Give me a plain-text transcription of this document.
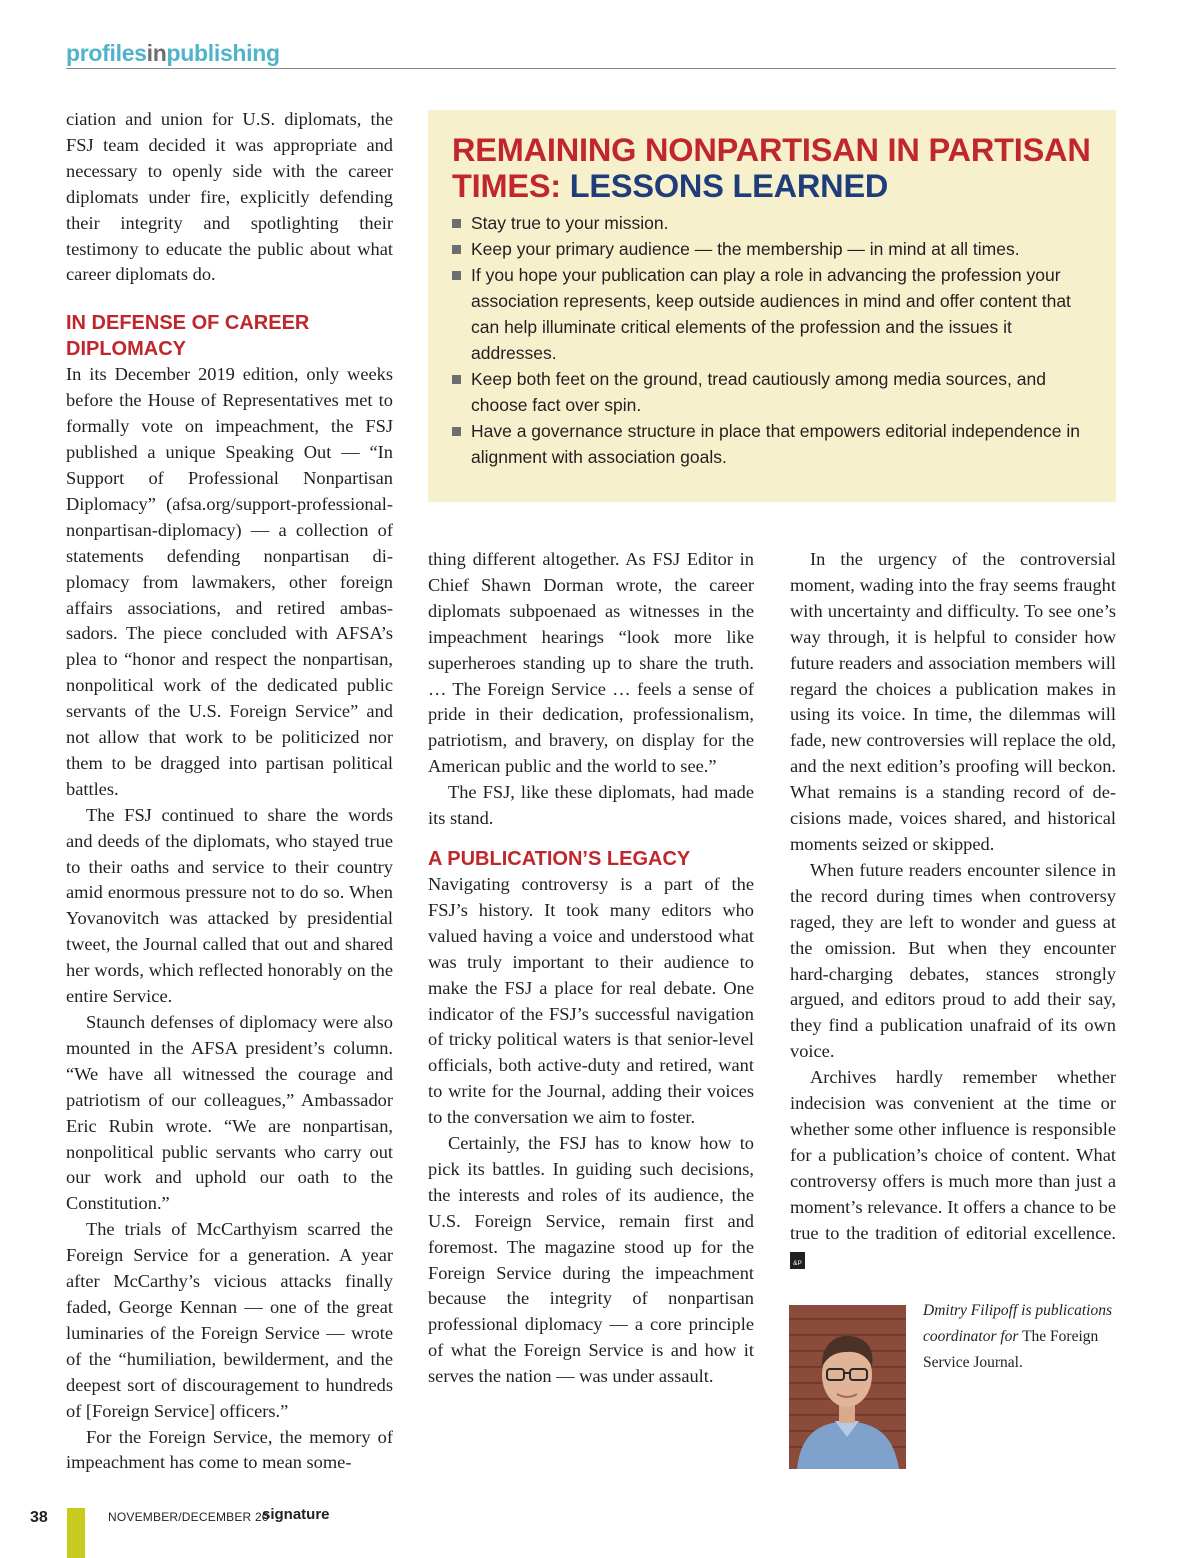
profilesinpublishing

ciation and union for U.S. diplomats, the FSJ team decided it was appropriate and necessary to openly side with the career diplomats under fire, explicitly defending their integrity and spotlighting their testimony to educate the public about what career diplomats do.

IN DEFENSE OF CAREER DIPLOMACY

In its December 2019 edition, only weeks before the House of Representatives met to formally vote on impeachment, the FSJ published a unique Speaking Out — “In Support of Professional Nonpartisan Diplomacy” (afsa.org/support-professional-nonpartisan-diplomacy) — a collection of statements defending nonpartisan diplomacy from lawmakers, other foreign affairs associations, and retired ambassadors. The piece concluded with AFSA’s plea to “honor and respect the nonpartisan, nonpolitical work of the dedicated public servants of the U.S. Foreign Service” and not allow that work to be politicized nor them to be dragged into partisan political battles.

The FSJ continued to share the words and deeds of the diplomats, who stayed true to their oaths and service to their country amid enormous pressure not to do so. When Yovanovitch was attacked by presidential tweet, the Journal called that out and shared her words, which reflected honorably on the entire Service.

Staunch defenses of diplomacy were also mounted in the AFSA president’s column. “We have all witnessed the courage and patriotism of our colleagues,” Ambassador Eric Rubin wrote. “We are nonpartisan, nonpolitical public servants who carry out our work and uphold our oath to the Constitution.”

The trials of McCarthyism scarred the Foreign Service for a generation. A year after McCarthy’s vicious attacks finally faded, George Kennan — one of the great luminaries of the Foreign Service — wrote of the “humiliation, bewilderment, and the deepest sort of discouragement to hundreds of [Foreign Service] officers.”

For the Foreign Service, the memory of impeachment has come to mean some-

REMAINING NONPARTISAN IN PARTISAN TIMES: LESSONS LEARNED
Stay true to your mission.
Keep your primary audience — the membership — in mind at all times.
If you hope your publication can play a role in advancing the profession your association represents, keep outside audiences in mind and offer content that can help illuminate critical elements of the profession and the issues it addresses.
Keep both feet on the ground, tread cautiously among media sources, and choose fact over spin.
Have a governance structure in place that empowers editorial independence in alignment with association goals.

thing different altogether. As FSJ Editor in Chief Shawn Dorman wrote, the career diplomats subpoenaed as witnesses in the impeachment hearings “look more like superheroes standing up to share the truth. … The Foreign Service … feels a sense of pride in their dedication, professionalism, patriotism, and bravery, on display for the American public and the world to see.”

The FSJ, like these diplomats, had made its stand.

A PUBLICATION’S LEGACY

Navigating controversy is a part of the FSJ’s history. It took many editors who valued having a voice and understood what was truly important to their audience to make the FSJ a place for real debate. One indicator of the FSJ’s successful navigation of tricky political waters is that senior-level officials, both active-duty and retired, want to write for the Journal, adding their voices to the conversation we aim to foster.

Certainly, the FSJ has to know how to pick its battles. In guiding such decisions, the interests and roles of its audience, the U.S. Foreign Service, remain first and foremost. The magazine stood up for the Foreign Service during the impeachment because the integrity of nonpartisan professional diplomacy — a core principle of what the Foreign Service is and how it serves the nation — was under assault.

In the urgency of the controversial moment, wading into the fray seems fraught with uncertainty and difficulty. To see one’s way through, it is helpful to consider how future readers and association members will regard the choices a publication makes in using its voice. In time, the dilemmas will fade, new controversies will replace the old, and the next edition’s proofing will beckon. What remains is a standing record of decisions made, voices shared, and historical moments seized or skipped.

When future readers encounter silence in the record during times when controversy raged, they are left to wonder and guess at the omission. But when they encounter hard-charging debates, stances strongly argued, and editors proud to add their say, they find a publication unafraid of its own voice.

Archives hardly remember whether indecision was convenient at the time or whether some other influence is responsible for a publication’s choice of content. What controversy offers is much more than just a moment’s relevance. It offers a chance to be true to the tradition of editorial excellence. AM
&P

Dmitry Filipoff is publications coordinator for The Foreign Service Journal.
38	NOVEMBER/DECEMBER 20
signature
